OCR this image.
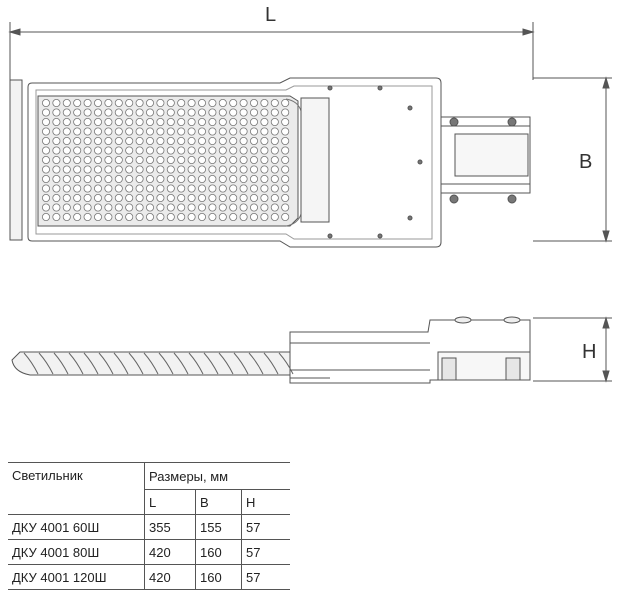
L
B
H
Светильник	Размеры, мм		
	L	B	H
ДКУ 4001 60Ш	355	155	57
ДКУ 4001 80Ш	420	160	57
ДКУ 4001 120Ш	420	160	57
